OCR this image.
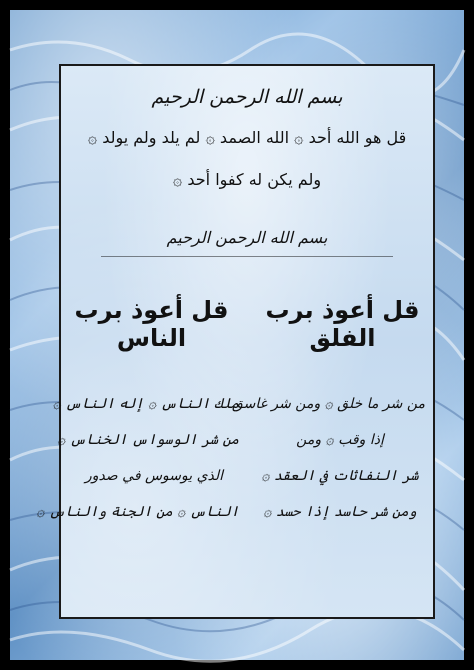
بسم الله الرحمن الرحيم
قل هو الله أحد ۞ الله الصمد ۞ لم يلد ولم يولد ۞
ولم يكن له كفوا أحد ۞
بسم الله الرحمن الرحيم
قل أعوذ برب الفلق
قل أعوذ برب الناس
من شر ما خلق ۞ ومن شر غاسق
إذا وقب ۞ ومن
شر النفاثات في العقد ۞
ومن شر حاسد إذا حسد ۞
ملك الناس ۞ إله الناس ۞
من شر الوسواس الخناس ۞
الذي يوسوس في صدور
الناس ۞ من الجنة والناس ۞
